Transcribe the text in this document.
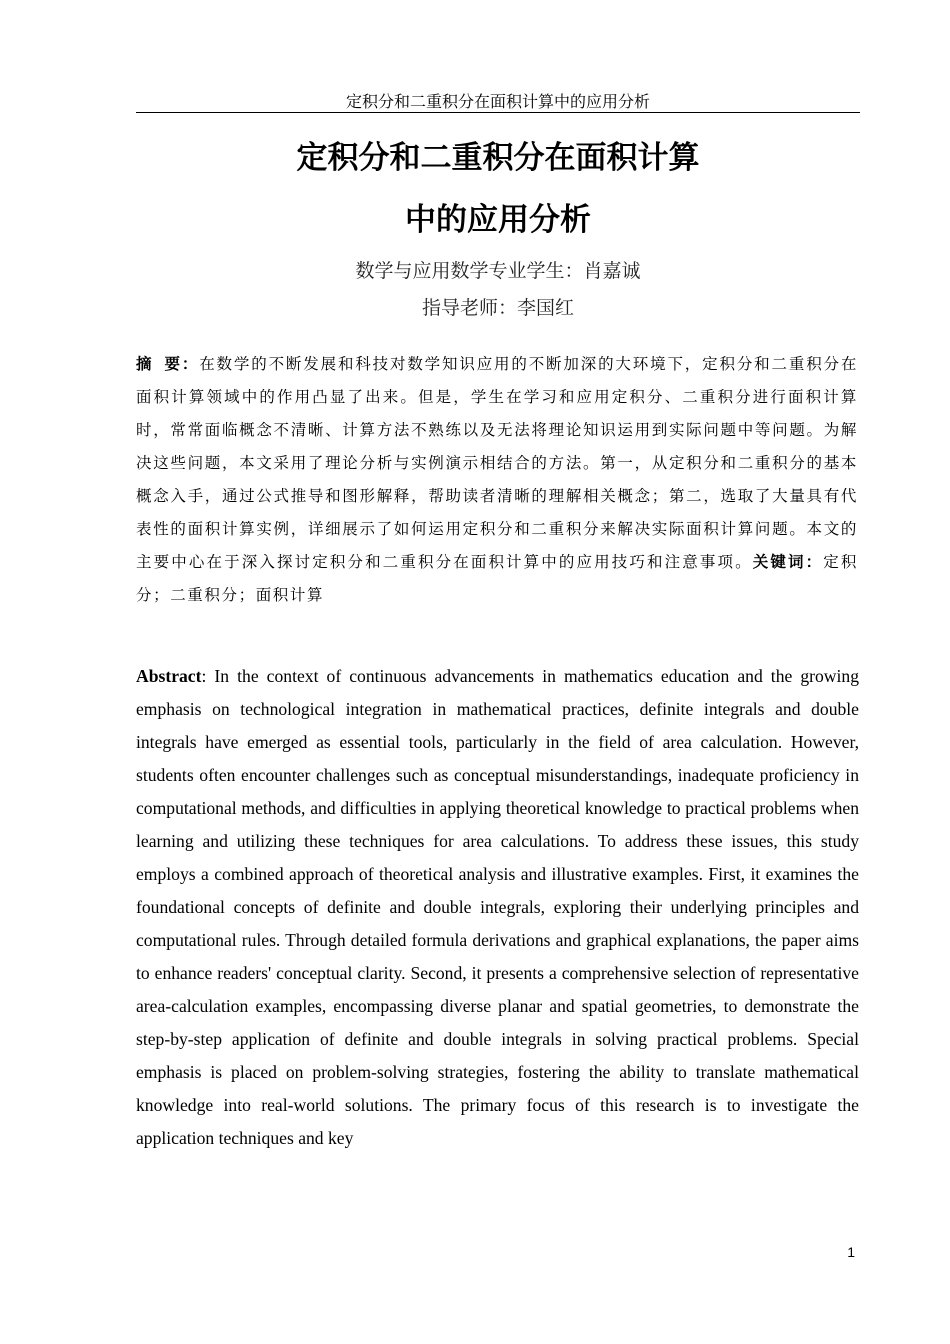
定积分和二重积分在面积计算中的应用分析
定积分和二重积分在面积计算
中的应用分析
数学与应用数学专业学生：肖嘉诚
指导老师：李国红
摘 要：在数学的不断发展和科技对数学知识应用的不断加深的大环境下，定积分和二重积分在面积计算领域中的作用凸显了出来。但是，学生在学习和应用定积分、二重积分进行面积计算时，常常面临概念不清晰、计算方法不熟练以及无法将理论知识运用到实际问题中等问题。为解决这些问题，本文采用了理论分析与实例演示相结合的方法。第一，从定积分和二重积分的基本概念入手，通过公式推导和图形解释，帮助读者清晰的理解相关概念；第二，选取了大量具有代表性的面积计算实例，详细展示了如何运用定积分和二重积分来解决实际面积计算问题。本文的主要中心在于深入探讨定积分和二重积分在面积计算中的应用技巧和注意事项。关键词：定积分；二重积分；面积计算
Abstract: In the context of continuous advancements in mathematics education and the growing emphasis on technological integration in mathematical practices, definite integrals and double integrals have emerged as essential tools, particularly in the field of area calculation. However, students often encounter challenges such as conceptual misunderstandings, inadequate proficiency in computational methods, and difficulties in applying theoretical knowledge to practical problems when learning and utilizing these techniques for area calculations. To address these issues, this study employs a combined approach of theoretical analysis and illustrative examples. First, it examines the foundational concepts of definite and double integrals, exploring their underlying principles and computational rules. Through detailed formula derivations and graphical explanations, the paper aims to enhance readers' conceptual clarity. Second, it presents a comprehensive selection of representative area-calculation examples, encompassing diverse planar and spatial geometries, to demonstrate the step-by-step application of definite and double integrals in solving practical problems. Special emphasis is placed on problem-solving strategies, fostering the ability to translate mathematical knowledge into real-world solutions. The primary focus of this research is to investigate the application techniques and key
1
